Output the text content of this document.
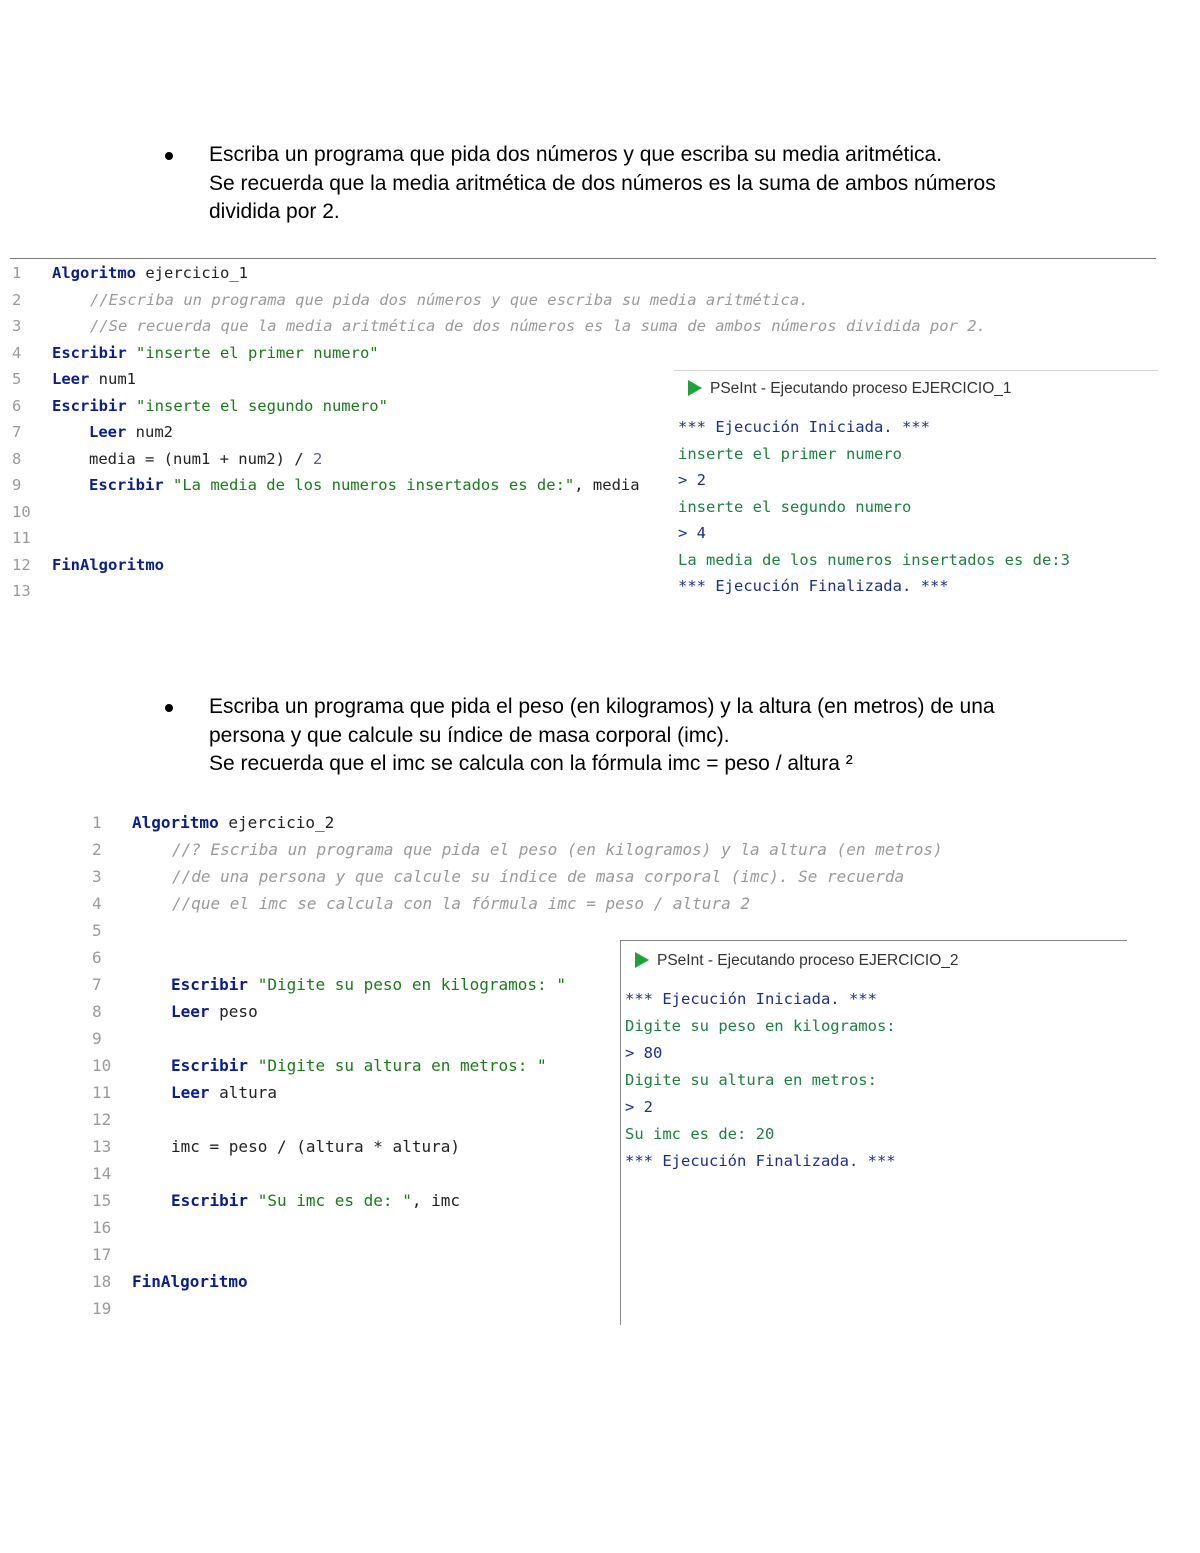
Escriba un programa que pida dos números y que escriba su media aritmética.
Se recuerda que la media aritmética de dos números es la suma de ambos números
dividida por 2.
1	Algoritmo ejercicio_1
2	//Escriba un programa que pida dos números y que escriba su media aritmética.
3	//Se recuerda que la media aritmética de dos números es la suma de ambos números dividida por 2.
4	Escribir "inserte el primer numero"
5	Leer num1
6	Escribir "inserte el segundo numero"
7	Leer num2
8	media = (num1 + num2) / 2
9	Escribir "La media de los numeros insertados es de:", media
10
11
12	FinAlgoritmo
13
PSeInt - Ejecutando proceso EJERCICIO_1
*** Ejecución Iniciada. ***
inserte el primer numero
> 2
inserte el segundo numero
> 4
La media de los numeros insertados es de:3
*** Ejecución Finalizada. ***
Escriba un programa que pida el peso (en kilogramos) y la altura (en metros) de una
persona y que calcule su índice de masa corporal (imc).
Se recuerda que el imc se calcula con la fórmula imc = peso / altura ²
1	Algoritmo ejercicio_2
2	//? Escriba un programa que pida el peso (en kilogramos) y la altura (en metros)
3	//de una persona y que calcule su índice de masa corporal (imc). Se recuerda
4	//que el imc se calcula con la fórmula imc = peso / altura 2
5
6
7	Escribir "Digite su peso en kilogramos: "
8	Leer peso
9
10	Escribir "Digite su altura en metros: "
11	Leer altura
12
13	imc = peso / (altura * altura)
14
15	Escribir "Su imc es de: ", imc
16
17
18	FinAlgoritmo
19
PSeInt - Ejecutando proceso EJERCICIO_2
*** Ejecución Iniciada. ***
Digite su peso en kilogramos:
> 80
Digite su altura en metros:
> 2
Su imc es de: 20
*** Ejecución Finalizada. ***
